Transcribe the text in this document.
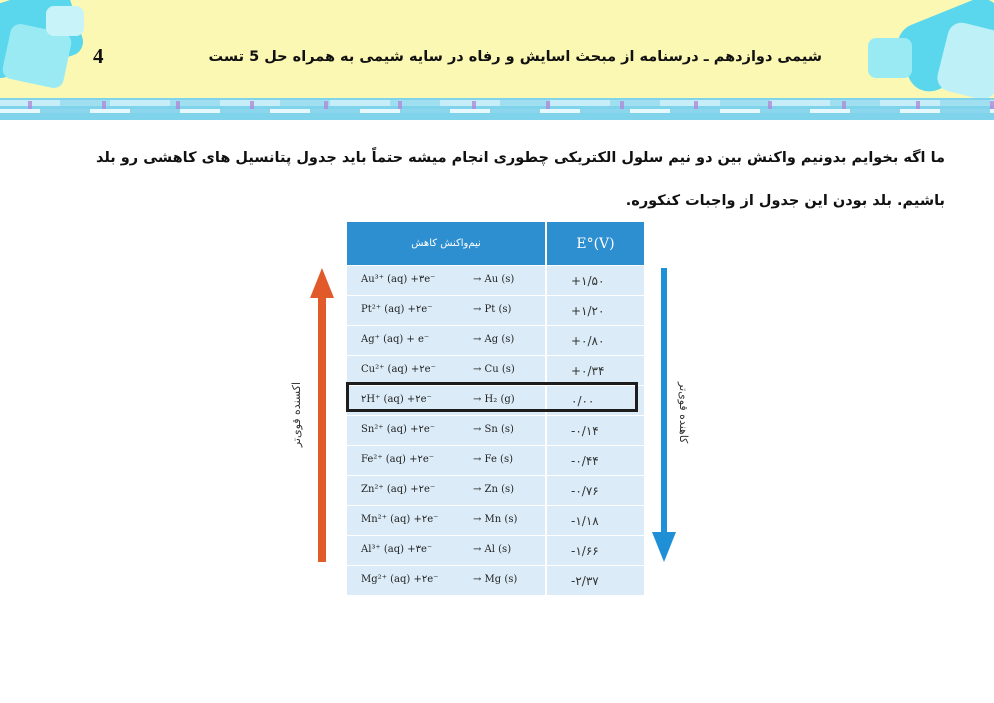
4	شیمی دوازدهم ـ درسنامه از مبحث اسایش و رفاه در سایه شیمی به همراه حل 5 تست

ما اگه بخوایم بدونیم واکنش بین دو نیم سلول الکتریکی چطوری انجام میشه حتماً باید جدول پتانسیل های کاهشی رو بلد
باشیم. بلد بودن این جدول از واجبات کنکوره.

نیم‌واکنش کاهش	E°(V)

Au³⁺ (aq) +۳e⁻ → Au (s)	+۱/۵۰

Pt²⁺ (aq) +۲e⁻ → Pt (s)	+۱/۲۰

Ag⁺ (aq) + e⁻ → Ag (s)	+۰/۸۰

Cu²⁺ (aq) +۲e⁻ → Cu (s)	+۰/۳۴

۲H⁺ (aq) +۲e⁻ → H₂ (g)	۰/۰۰

Sn²⁺ (aq) +۲e⁻ → Sn (s)	-۰/۱۴

Fe²⁺ (aq) +۲e⁻ → Fe (s)	-۰/۴۴

Zn²⁺ (aq) +۲e⁻ → Zn (s)	-۰/۷۶

Mn²⁺ (aq) +۲e⁻ → Mn (s)	-۱/۱۸

Al³⁺ (aq) +۳e⁻ → Al (s)	-۱/۶۶

Mg²⁺ (aq) +۲e⁻ → Mg (s)	-۲/۳۷
اکسنده قوی‌تر	کاهنده قوی‌تر
